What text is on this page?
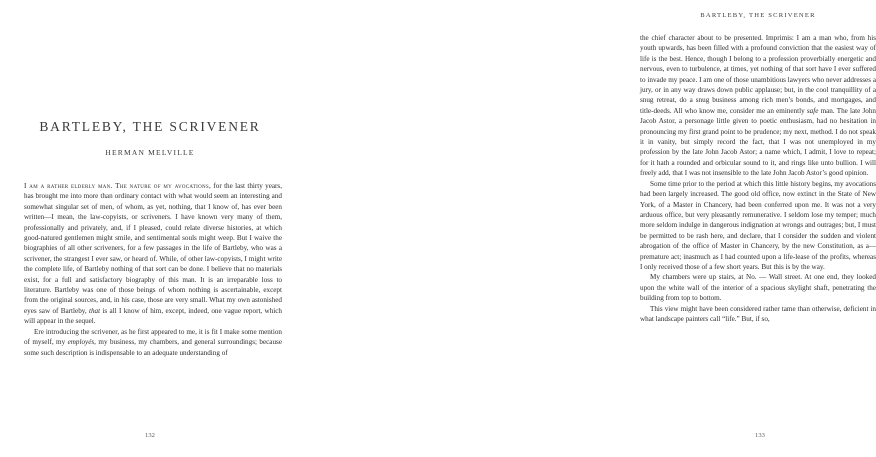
BARTLEBY, THE SCRIVENER
HERMAN MELVILLE

I am a rather elderly man. The nature of my avocations, for the last thirty years, has brought me into more than ordinary contact with what would seem an interesting and somewhat singular set of men, of whom, as yet, nothing, that I know of, has ever been written—I mean, the law-copyists, or scriveners. I have known very many of them, professionally and privately, and, if I pleased, could relate diverse histories, at which good-natured gentlemen might smile, and sentimental souls might weep. But I waive the biographies of all other scriveners, for a few passages in the life of Bartleby, who was a scrivener, the strangest I ever saw, or heard of. While, of other law-copyists, I might write the complete life, of Bartleby nothing of that sort can be done. I believe that no materials exist, for a full and satisfactory biography of this man. It is an irreparable loss to literature. Bartleby was one of those beings of whom nothing is ascertainable, except from the original sources, and, in his case, those are very small. What my own astonished eyes saw of Bartleby, that is all I know of him, except, indeed, one vague report, which will appear in the sequel.

Ere introducing the scrivener, as he first appeared to me, it is fit I make some mention of myself, my employés, my business, my chambers, and general surroundings; because some such description is indispensable to an adequate understanding of

132
BARTLEBY, THE SCRIVENER

the chief character about to be presented. Imprimis: I am a man who, from his youth upwards, has been filled with a profound conviction that the easiest way of life is the best. Hence, though I belong to a profession proverbially energetic and nervous, even to turbulence, at times, yet nothing of that sort have I ever suffered to invade my peace. I am one of those unambitious lawyers who never addresses a jury, or in any way draws down public applause; but, in the cool tranquillity of a snug retreat, do a snug business among rich men’s bonds, and mortgages, and title-deeds. All who know me, consider me an eminently safe man. The late John Jacob Astor, a personage little given to poetic enthusiasm, had no hesitation in pronouncing my first grand point to be prudence; my next, method. I do not speak it in vanity, but simply record the fact, that I was not unemployed in my profession by the late John Jacob Astor; a name which, I admit, I love to repeat; for it hath a rounded and orbicular sound to it, and rings like unto bullion. I will freely add, that I was not insensible to the late John Jacob Astor’s good opinion.

Some time prior to the period at which this little history begins, my avocations had been largely increased. The good old office, now extinct in the State of New York, of a Master in Chancery, had been conferred upon me. It was not a very arduous office, but very pleasantly remunerative. I seldom lose my temper; much more seldom indulge in dangerous indignation at wrongs and outrages; but, I must be permitted to be rash here, and declare, that I consider the sudden and violent abrogation of the office of Master in Chancery, by the new Constitution, as a—premature act; inasmuch as I had counted upon a life-lease of the profits, whereas I only received those of a few short years. But this is by the way.

My chambers were up stairs, at No. — Wall street. At one end, they looked upon the white wall of the interior of a spacious skylight shaft, penetrating the building from top to bottom.

This view might have been considered rather tame than otherwise, deficient in what landscape painters call “life.” But, if so,

133
